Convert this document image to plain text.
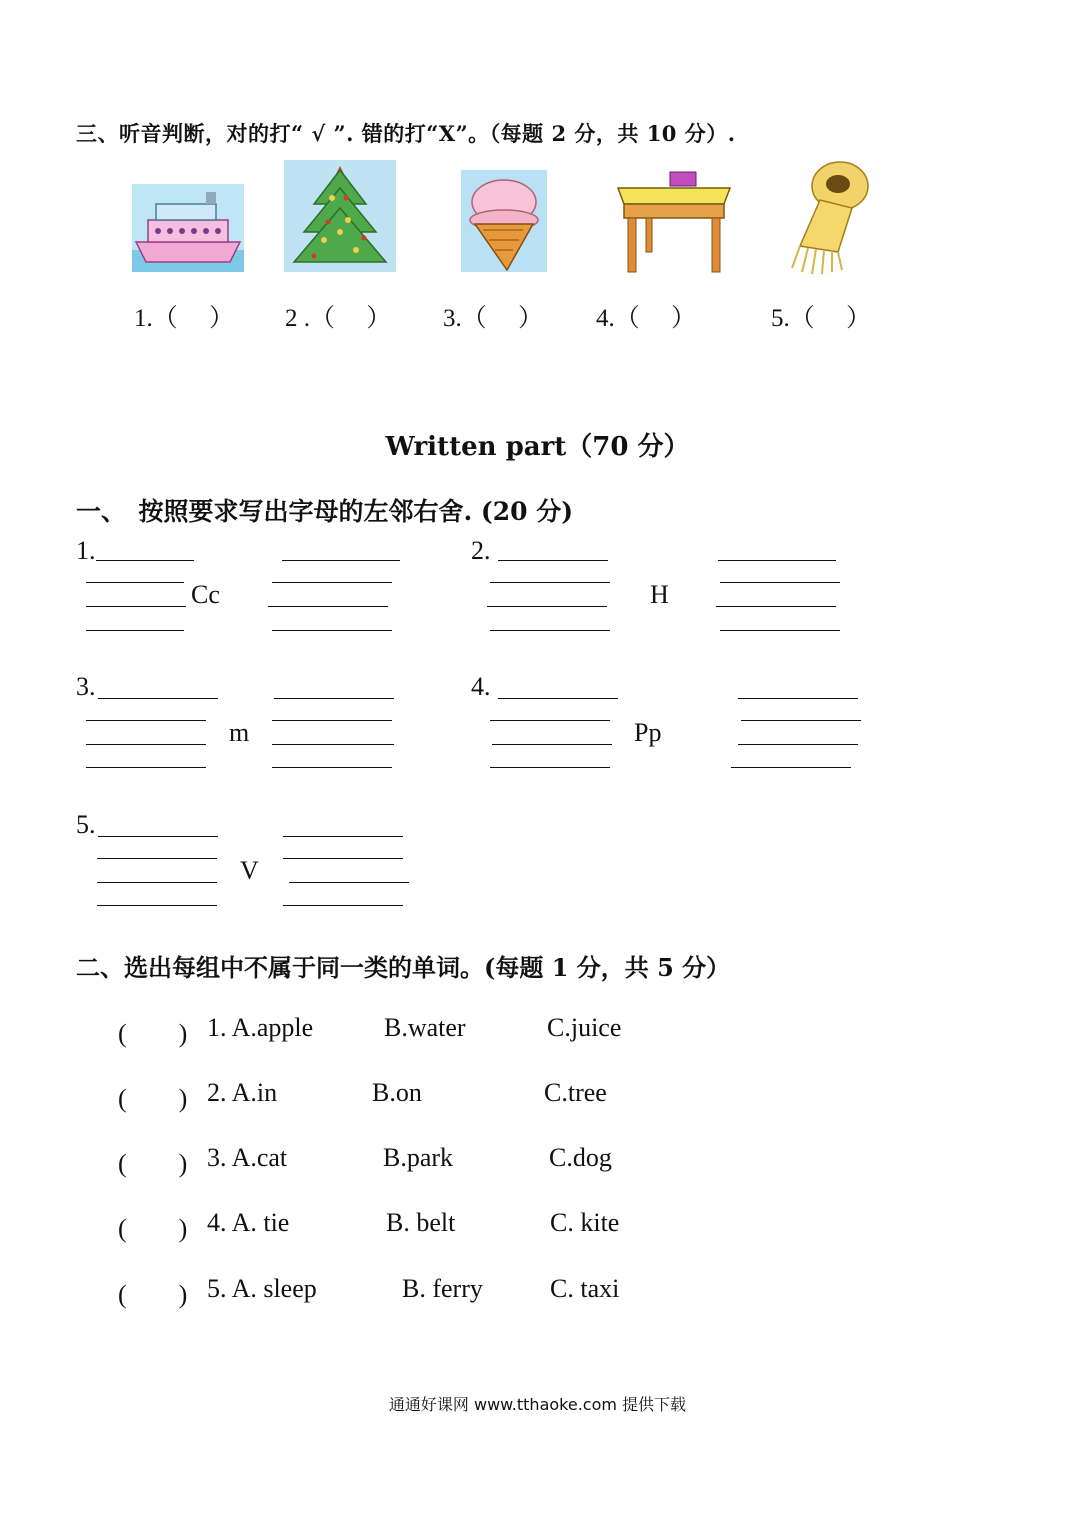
三、听音判断，对的打“ √ ”. 错的打“X”。（每题 2 分，共 10 分）.
1.（　 ） 2 .（　 ） 3.（　 ） 4.（　 ）	5.（　 ）
Written part（70 分）
一、　按照要求写出字母的左邻右舍. (20 分)
1.
Cc
2.
H
3.
m
4.
Pp
5.
V
二、选出每组中不属于同一类的单词。(每题 1 分，共 5 分）
(　　) 1. A.apple	B.water	C.juice
(　　) 2. A.in	B.on	C.tree
(　　) 3. A.cat	B.park	C.dog
(　　) 4. A. tie	B. belt	C. kite
(　　) 5. A. sleep	B. ferry	C. taxi
通通好课网 www.tthaoke.com 提供下载
